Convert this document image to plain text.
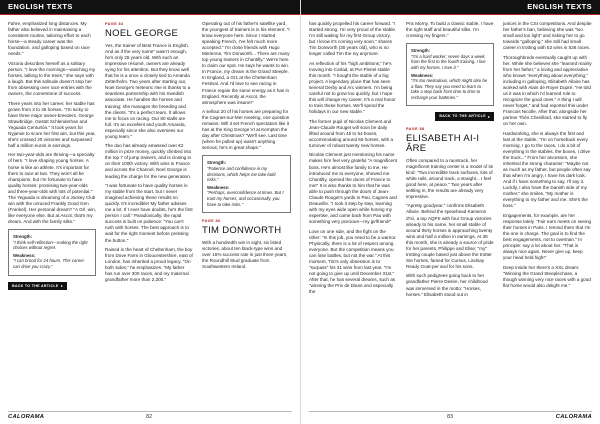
ENGLISH TEXTS

Fahre, emphasized long distances. My father also believed in maintaining a consistent routine, tailoring effort to each horse—a steady career was the foundation, and galloping based on race needs."

Victoria describes herself as a solitary person. "I love the mornings—watching my horses, talking to the trees," she says with a laugh. But this solitude doesn't stop her from obsessing over race entries with the owners, the cornerstone of success.

There years into her career, her stable has grown from 3 to 45 horses. "I'm lucky to have three major owner-breeders, George Strawbridge, Gestüt Schlenderhan and Yeguada Centurión." It took years for Nyjamie to score her first win, but this year, she's crossed 20 victories and surpassed half a million euros in earnings.

Her two-year-olds are thriving—a specialty of hers. "I love shaping young horses. A horse is like an athlete. It's important for them to race at two. They won't all be champions, but I'm fortunate to have quality horses: promising two-year-olds and three-year-olds with lots of potential." The Yeguada is dreaming of a Jockey Club win with the unraced Frankly Good Gen (Frankel). Her personal dream? "A Grl. win, like everyone else. But at Ascot, that's my dream. And with the family silks."

Strength:
"I think self-reflection—making the right choices without regret.
Weakness:
"I can brood for 24 hours. This career can drive you crazy."
BACK TO THE ARTICLE
PAGE 84
NOEL GEORGE

Yes, the trainer of Best France is English. And as if the very name" wasn't enough, he's only 25 years old. With such an impressive résumé, owners are already vying for his attention. But they know well that he is a once a closely tied to Amanda Zetterholm. Two years after starting out, Noel George's meteoric rise is thanks to a seamless partnership with his Swedish associate. He handles the horses and training; she manages the breeding and the clients. "It's a perfect team. It allows me to focus on racing. Our 80 stalls are full. It's an excellent and youth Amanda, especially since she also oversees our young team."

The duo has already amassed over €2 million in prize money, quickly climbed into the top 7 of jump trainers, and is closing in on their 100th victory. With wins in France and across the Channel, Noel George is leading the charge for the new generation.

"I was fortunate to have quality horses in my stable from the start, but I never imagined achieving these results so quickly. It's incredible! My father advises me a lot. If I ever have doubts, he's the first person I call." Paradoxically, the rapid success is built on patience: "You can't rush with horses. The best approach is to wait for the right moment before pressing the button."

Raised in the heart of Cheltenham, the boy from Dove Farm in Gloucestershire, east of London, has inherited a proud legacy. "On both sides," he emphasizes. "My father has run over 300 races, and my maternal grandfather more than 2,200."

Operating out of his father's satellite yard, the youngest of trainers is in his element: "I know everyone here. Since I started speaking French, I've felt much more accepted." I'm close friends with Hugo Merienne, Tim Donworth... There are many top young trainers in Chantilly." We're here to claim our spot. He says he wants to win. In France, my dream is the Grand Steeple. In England, a Gr1 at the Cheltenham Festival. And I'd love to see racing in France regain the same energy as it has in England. Recently at Ascot, the atmosphere was insane!"

A sellout 20 of his horses are preparing for the Cagnes-sur-Mer meeting, one question remains: Will it set French spectators like it has at the King George VI at Kempton the day after Christmas? "We'll see. Last time (when he pulled up) wasn't anything serious; he's in great shape."

Strength:
"Patience and confidence in my decisions, which helps me take bold risks."
Weakness:
"Perhaps, overconfidence at times. But I trust my horses, and occasionally, you have to take risks."
PAGE 86
TIM DONWORTH

With a hundredth win in sight, six listed victories, about ten black-type wins and over 15% success rate in just three years, the Roundhill Stud graduate from Southwestern Ireland

CALORAMA	82
ENGLISH TEXTS

has quickly propelled his career forward. "I started strong. I'm very proud of the stable. I'm still waiting for my first Group victory, but I know it's coming very soon," shares Tim Donworth (30 years old), who is no longer called Tim the Ivy anymore.

As reflection of his "high ambitions," he's moving into Carlad, at Pur-Fleriel stable this month. "I bought the stable of a big project. A legendary place that has seen several Derby and Arc winners. I'm being careful not to grow too quickly, but I hope this will change my career. It's a real honor to train these horses. We'll spend the holidays in our new stable."

The former pupil of Nicolas Clement and Jean-Claude Rouget will soon be daily lifted around from 45 to 54 boxes, accommodating around 55 horses, with a turnover of robust twenty new horses.

Nicolas Clement just mentioning his name makes him feel very grateful "A magnificent boss. He's almost like family to me. He introduced me to everyone, showed me Chantilly, opened the doors of France to me!" It is also thanks to him that he was able to push through the doors of Jean-Claude Rouget's yards in Pau, Cagnes and Deauville. "I took it step by step, learning with my eyes wide open while honing my expertise, and came back from Pau with something very precious—my girlfriend!"

Love on one side, and the fight on the other: "In this job, you need to be a warrior. Physically, there is a lot of respect among everyone. But the competition means you can lose battles, but not the war." At this moment, Tim's only obsession is to "surpass" his 31 wins from last year. "I'm not going to give up until December 31st." After that, he has several dreams, such as "winning the Prix de Diane and especially the

Prix Morny. To build a classic stable, I have the right staff and beautiful silks. I'm crossing my fingers."

Strength:
"I'm a hard worker; seven days a week, from the first to the fourth training. I live with my horses. I love it."
Weakness:
"I'm too meticulous, which might also be a flaw. They say you need to learn to take a step back from time to time to recharge your batteries."
BACK TO THE ARTICLE
PAGE 88
ELISABETH AI-I ÂRE

Often compared to a racetrack, her magnificent training center is a model of its kind: "Two incredible track surfaces, lots of white rails, around track, a straight... I feel good here, at peace." Two years after settling in, the results are already very impressive.

"Apretty goodyear," confirms Elisabeth Allaire. Behind the spearhead Kameron d'Ici, a top AQPS with four Group victories already to his name, her small stable of around thirty horses is approaching twenty wins and half a million in earnings. At 38 this month, she is already a source of pride for her parents, Philippe and Elise; "my" trotting couple based just above the trotter Ste horses, famed for Cursus, Lindsay Ready Goat-per and for his sons.

With such pedigrees going back to her grandfather Pierre Desire, her childhood was immersed in the motto: "Horses, horses." Elisabeth stood out in

juniors in the CSI competitions. And despite her father's ban, believing she was "too small and too light" and risking her to go towards "galloping," she still had small career in trotting with 53 wins in 536 races.

Thoroughbreds eventually caught up with her. While she believes she "learned mainly from her father," a loving and appreciative who knows "everything about everything," including in galloping, Elisabeth Allaire has worked with Alain de Royer Dupré. "He told us it was in which I'd learned role to recognize the good ones." A thing I will never forget," and had reported this under Francois Nicolle. After that, alongside her partner Théo Chevillard, she started to fly on her own.

Hardworking, she is always the first and last at the stable. "I'm on horseback every morning, I go to the races, I do a bit of everything in the stables, the boxes, I drive the truck..." From her ancestors, she inherited the strong character: "Maybe not as much as my father, but people often say that when I'm angry, I have his dark look. And if I have something to say, I'll say it. Luckily, I also have the Danish side of my mother," she smiles. "My mother is everything to my father and me. She's the boss."

Engagements, for example, are her response lately. "Fair earn meets on seeing their horses in Paris. I remind them that I'm the one in charge. The goal is to find the best engagements, not to overtrain." In principle: say a lot about her. "That is always nice again. Never give up, keep your head held high!"

Deep inside her there's a XXL dream: "Winning the Grand Steeplechase, a though winning very nice races with a good flat horse would also delight me."

83	CALORAMA
